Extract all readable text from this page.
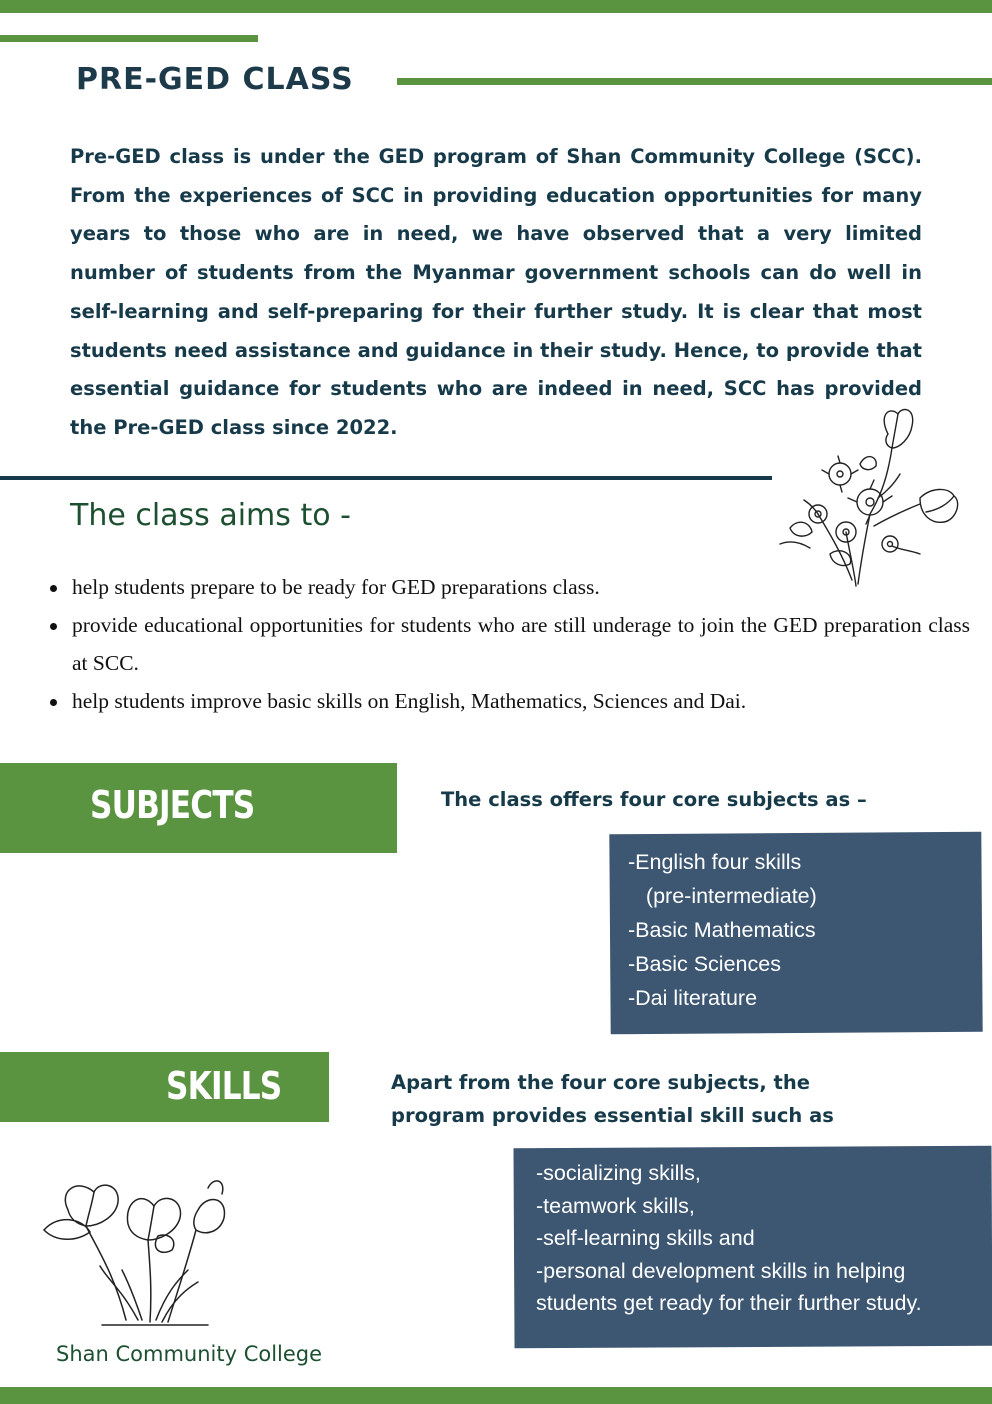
PRE-GED CLASS

Pre-GED class is under the GED program of Shan Community College (SCC). From the experiences of SCC in providing education opportunities for many years to those who are in need, we have observed that a very limited number of students from the Myanmar government schools can do well in self-learning and self-preparing for their further study. It is clear that most students need assistance and guidance in their study. Hence, to provide that essential guidance for students who are indeed in need, SCC has provided the Pre-GED class since 2022.

The class aims to -
help students prepare to be ready for GED preparations class.
provide educational opportunities for students who are still underage to join the GED preparation class at SCC.
help students improve basic skills on English, Mathematics, Sciences and Dai.
SUBJECTS	The class offers four core subjects as –

-English four skills
(pre-intermediate)
-Basic Mathematics
-Basic Sciences
-Dai literature
SKILLS	Apart from the four core subjects, the program provides essential skill such as

-socializing skills,
-teamwork skills,
-self-learning skills and
-personal development skills in helping
students get ready for their further study.

Shan Community College
